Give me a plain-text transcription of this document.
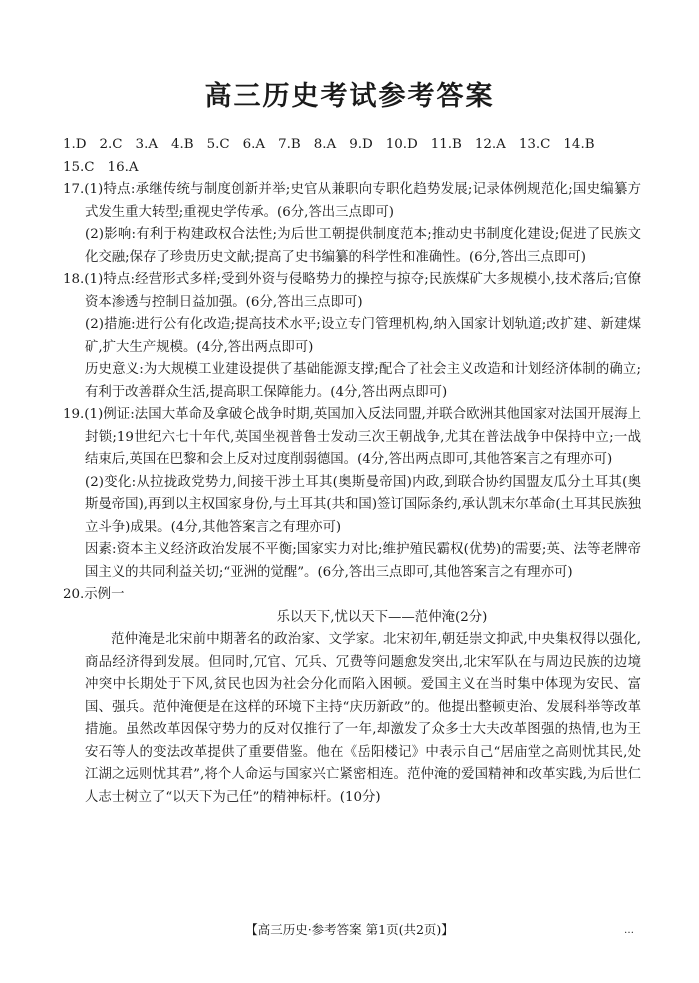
高三历史考试参考答案
1.D 2.C 3.A 4.B 5.C 6.A 7.B 8.A 9.D 10.D 11.B 12.A 13.C 14.B
15.C 16.A

17.(1)特点:承继传统与制度创新并举;史官从兼职向专职化趋势发展;记录体例规范化;国史编纂方式发生重大转型;重视史学传承。(6分,答出三点即可)

(2)影响:有利于构建政权合法性;为后世工朝提供制度范本;推动史书制度化建设;促进了民族文化交融;保存了珍贵历史文献;提高了史书编纂的科学性和准确性。(6分,答出三点即可)

18.(1)特点:经营形式多样;受到外资与侵略势力的操控与掠夺;民族煤矿大多规模小,技术落后;官僚资本渗透与控制日益加强。(6分,答出三点即可)

(2)措施:进行公有化改造;提高技术水平;设立专门管理机构,纳入国家计划轨道;改扩建、新建煤矿,扩大生产规模。(4分,答出两点即可)

历史意义:为大规模工业建设提供了基础能源支撑;配合了社会主义改造和计划经济体制的确立;有利于改善群众生活,提高职工保障能力。(4分,答出两点即可)

19.(1)例证:法国大革命及拿破仑战争时期,英国加入反法同盟,并联合欧洲其他国家对法国开展海上封锁;19世纪六七十年代,英国坐视普鲁士发动三次王朝战争,尤其在普法战争中保持中立;一战结束后,英国在巴黎和会上反对过度削弱德国。(4分,答出两点即可,其他答案言之有理亦可)

(2)变化:从拉拢政党势力,间接干涉土耳其(奥斯曼帝国)内政,到联合协约国盟友瓜分土耳其(奥斯曼帝国),再到以主权国家身份,与土耳其(共和国)签订国际条约,承认凯末尔革命(土耳其民族独立斗争)成果。(4分,其他答案言之有理亦可)

因素:资本主义经济政治发展不平衡;国家实力对比;维护殖民霸权(优势)的需要;英、法等老牌帝国主义的共同利益关切;“亚洲的觉醒”。(6分,答出三点即可,其他答案言之有理亦可)

20.示例一

乐以天下,忧以天下——范仲淹(2分)

范仲淹是北宋前中期著名的政治家、文学家。北宋初年,朝廷崇文抑武,中央集权得以强化,商品经济得到发展。但同时,冗官、冗兵、冗费等问题愈发突出,北宋军队在与周边民族的边境冲突中长期处于下风,贫民也因为社会分化而陷入困顿。爱国主义在当时集中体现为安民、富国、强兵。范仲淹便是在这样的环境下主持“庆历新政”的。他提出整顿吏治、发展科举等改革措施。虽然改革因保守势力的反对仅推行了一年,却激发了众多士大夫改革图强的热情,也为王安石等人的变法改革提供了重要借鉴。他在《岳阳楼记》中表示自己“居庙堂之高则忧其民,处江湖之远则忧其君”,将个人命运与国家兴亡紧密相连。范仲淹的爱国精神和改革实践,为后世仁人志士树立了“以天下为己任”的精神标杆。(10分)

【高三历史·参考答案 第1页(共2页)】	…
